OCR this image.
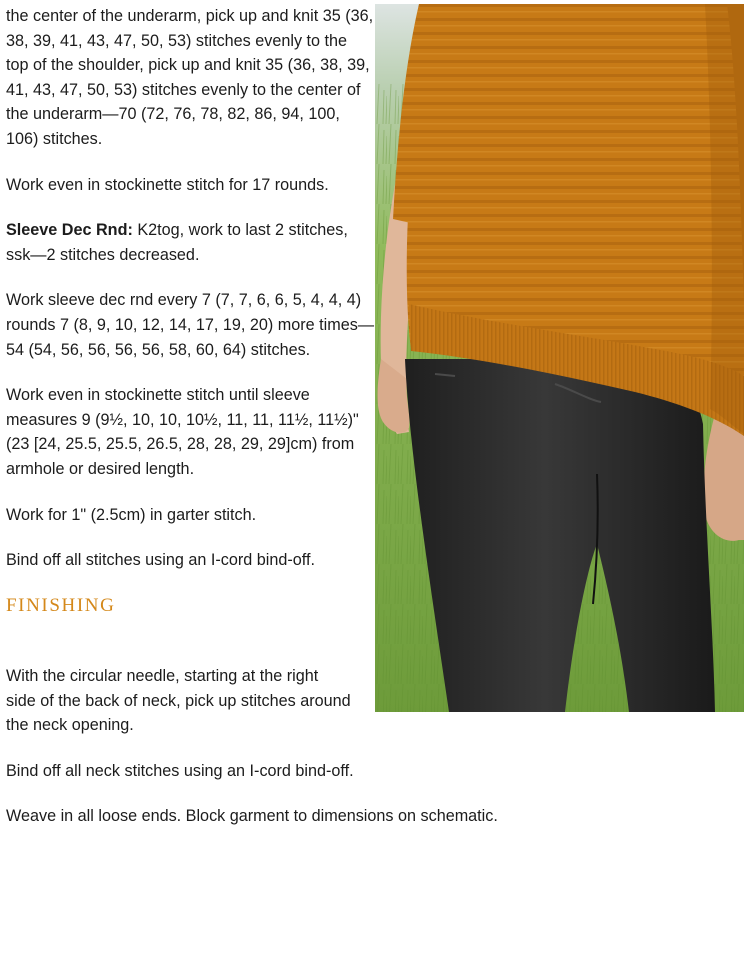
the center of the underarm, pick up and knit 35 (36, 38, 39, 41, 43, 47, 50, 53) stitches evenly to the top of the shoulder, pick up and knit 35 (36, 38, 39, 41, 43, 47, 50, 53) stitches evenly to the center of the underarm—70 (72, 76, 78, 82, 86, 94, 100, 106) stitches.

Work even in stockinette stitch for 17 rounds.

Sleeve Dec Rnd: K2tog, work to last 2 stitches, ssk—2 stitches decreased.

Work sleeve dec rnd every 7 (7, 7, 6, 6, 5, 4, 4, 4) rounds 7 (8, 9, 10, 12, 14, 17, 19, 20) more times—54 (54, 56, 56, 56, 56, 58, 60, 64) stitches.

Work even in stockinette stitch until sleeve measures 9 (9½, 10, 10, 10½, 11, 11, 11½, 11½)" (23 [24, 25.5, 25.5, 26.5, 28, 28, 29, 29]cm) from armhole or desired length.

Work for 1" (2.5cm) in garter stitch.

Bind off all stitches using an I-cord bind-off.

FINISHING

With the circular needle, starting at the right side of the back of neck, pick up stitches around the neck opening.

Bind off all neck stitches using an I-cord bind-off.

Weave in all loose ends. Block garment to dimensions on schematic.
